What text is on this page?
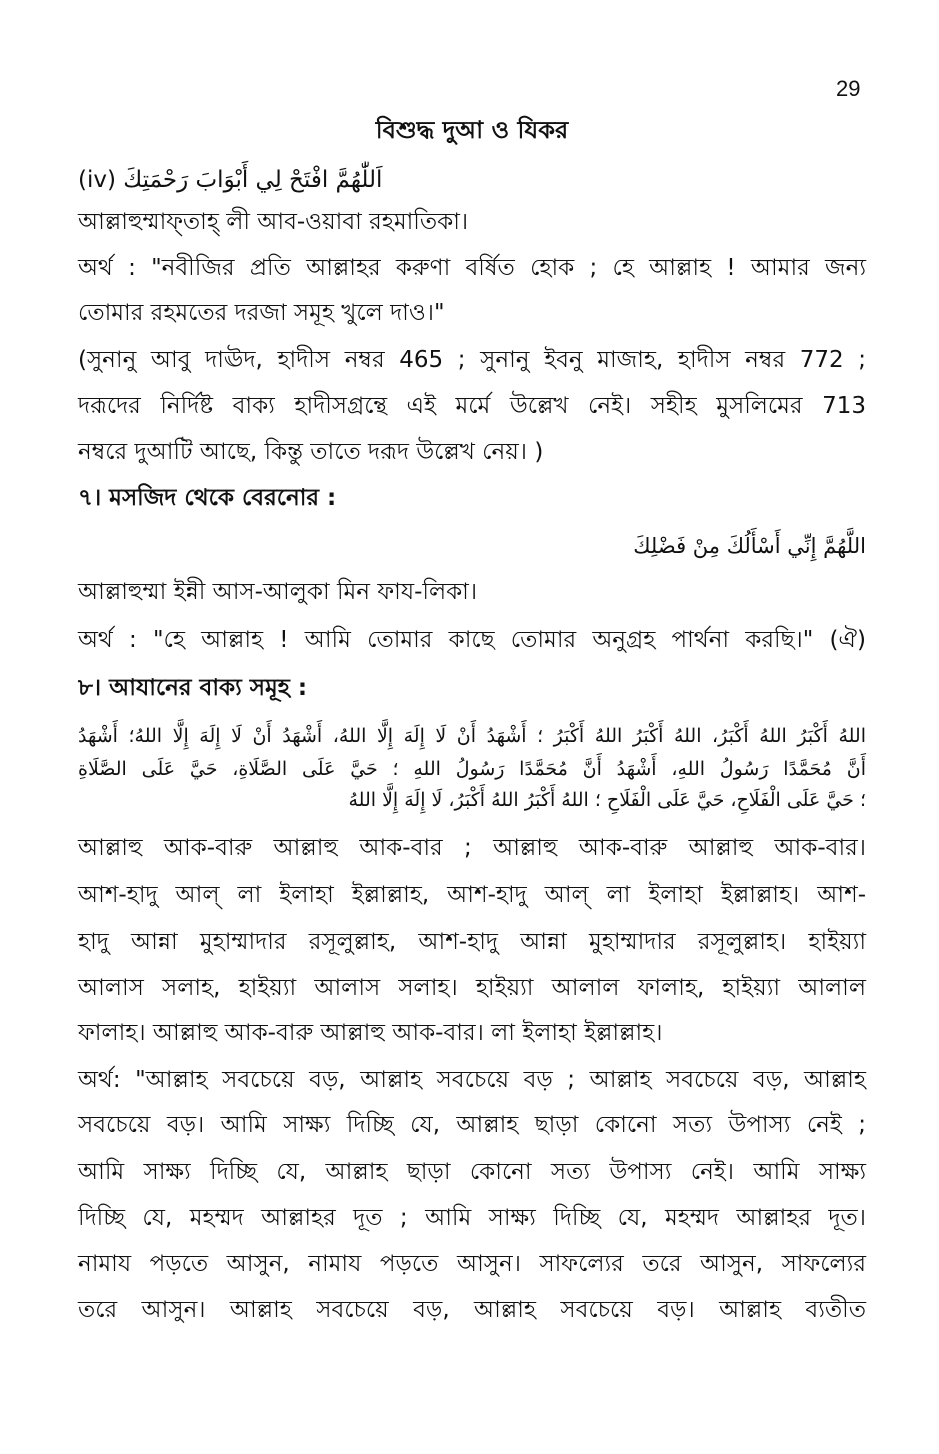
29
বিশুদ্ধ দুআ ও যিকর
(iv) اَللّٰهُمَّ افْتَحْ لِي أَبْوَابَ رَحْمَتِكَ
আল্লাহুম্মাফ্তাহ্ লী আব-ওয়াবা রহমাতিকা।
অর্থ : "নবীজির প্রতি আল্লাহর করুণা বর্ষিত হোক ; হে আল্লাহ ! আমার জন্য
তোমার রহমতের দরজা সমূহ খুলে দাও।"
(সুনানু আবু দাঊদ, হাদীস নম্বর 465 ; সুনানু ইবনু মাজাহ, হাদীস নম্বর 772 ;
দরূদের নির্দিষ্ট বাক্য হাদীসগ্রন্থে এই মর্মে উল্লেখ নেই। সহীহ মুসলিমের 713
নম্বরে দুআটি আছে, কিন্তু তাতে দরূদ উল্লেখ নেয়। )
৭। মসজিদ থেকে বেরনোর :
اللَّهُمَّ إِنِّي أَسْأَلُكَ مِنْ فَضْلِكَ
আল্লাহুম্মা ইন্নী আস-আলুকা মিন ফায-লিকা।
অর্থ : "হে আল্লাহ ! আমি তোমার কাছে তোমার অনুগ্রহ পার্থনা করছি।" (ঐ)
৮। আযানের বাক্য সমূহ :
اللهُ أَكْبَرُ اللهُ أَكْبَرُ، اللهُ أَكْبَرُ اللهُ أَكْبَرُ ؛ أَشْهَدُ أَنْ لَا إِلَهَ إِلَّا اللهُ، أَشْهَدُ أَنْ لَا إِلَهَ إِلَّا اللهُ؛ أَشْهَدُ
أَنَّ مُحَمَّدًا رَسُولُ اللهِ، أَشْهَدُ أَنَّ مُحَمَّدًا رَسُولُ اللهِ ؛ حَيَّ عَلَى الصَّلَاةِ، حَيَّ عَلَى الصَّلَاةِ
؛ حَيَّ عَلَى الْفَلَاحِ، حَيَّ عَلَى الْفَلَاحِ ؛ اللهُ أَكْبَرُ اللهُ أَكْبَرُ، لَا إِلَهَ إِلَّا اللهُ
আল্লাহু আক-বারু আল্লাহু আক-বার ; আল্লাহু আক-বারু আল্লাহু আক-বার।
আশ-হাদু আল্ লা ইলাহা ইল্লাল্লাহ, আশ-হাদু আল্ লা ইলাহা ইল্লাল্লাহ। আশ-
হাদু আন্না মুহাম্মাদার রসূলুল্লাহ, আশ-হাদু আন্না মুহাম্মাদার রসূলুল্লাহ। হাইয়্যা
আলাস সলাহ, হাইয়্যা আলাস সলাহ। হাইয়্যা আলাল ফালাহ, হাইয়্যা আলাল
ফালাহ। আল্লাহু আক-বারু আল্লাহু আক-বার। লা ইলাহা ইল্লাল্লাহ।
অর্থ: "আল্লাহ সবচেয়ে বড়, আল্লাহ সবচেয়ে বড় ; আল্লাহ সবচেয়ে বড়, আল্লাহ
সবচেয়ে বড়। আমি সাক্ষ্য দিচ্ছি যে, আল্লাহ ছাড়া কোনো সত্য উপাস্য নেই ;
আমি সাক্ষ্য দিচ্ছি যে, আল্লাহ ছাড়া কোনো সত্য উপাস্য নেই। আমি সাক্ষ্য
দিচ্ছি যে, মহম্মদ আল্লাহর দূত ; আমি সাক্ষ্য দিচ্ছি যে, মহম্মদ আল্লাহর দূত।
নামায পড়তে আসুন, নামায পড়তে আসুন। সাফল্যের তরে আসুন, সাফল্যের
তরে আসুন। আল্লাহ সবচেয়ে বড়, আল্লাহ সবচেয়ে বড়। আল্লাহ ব্যতীত
